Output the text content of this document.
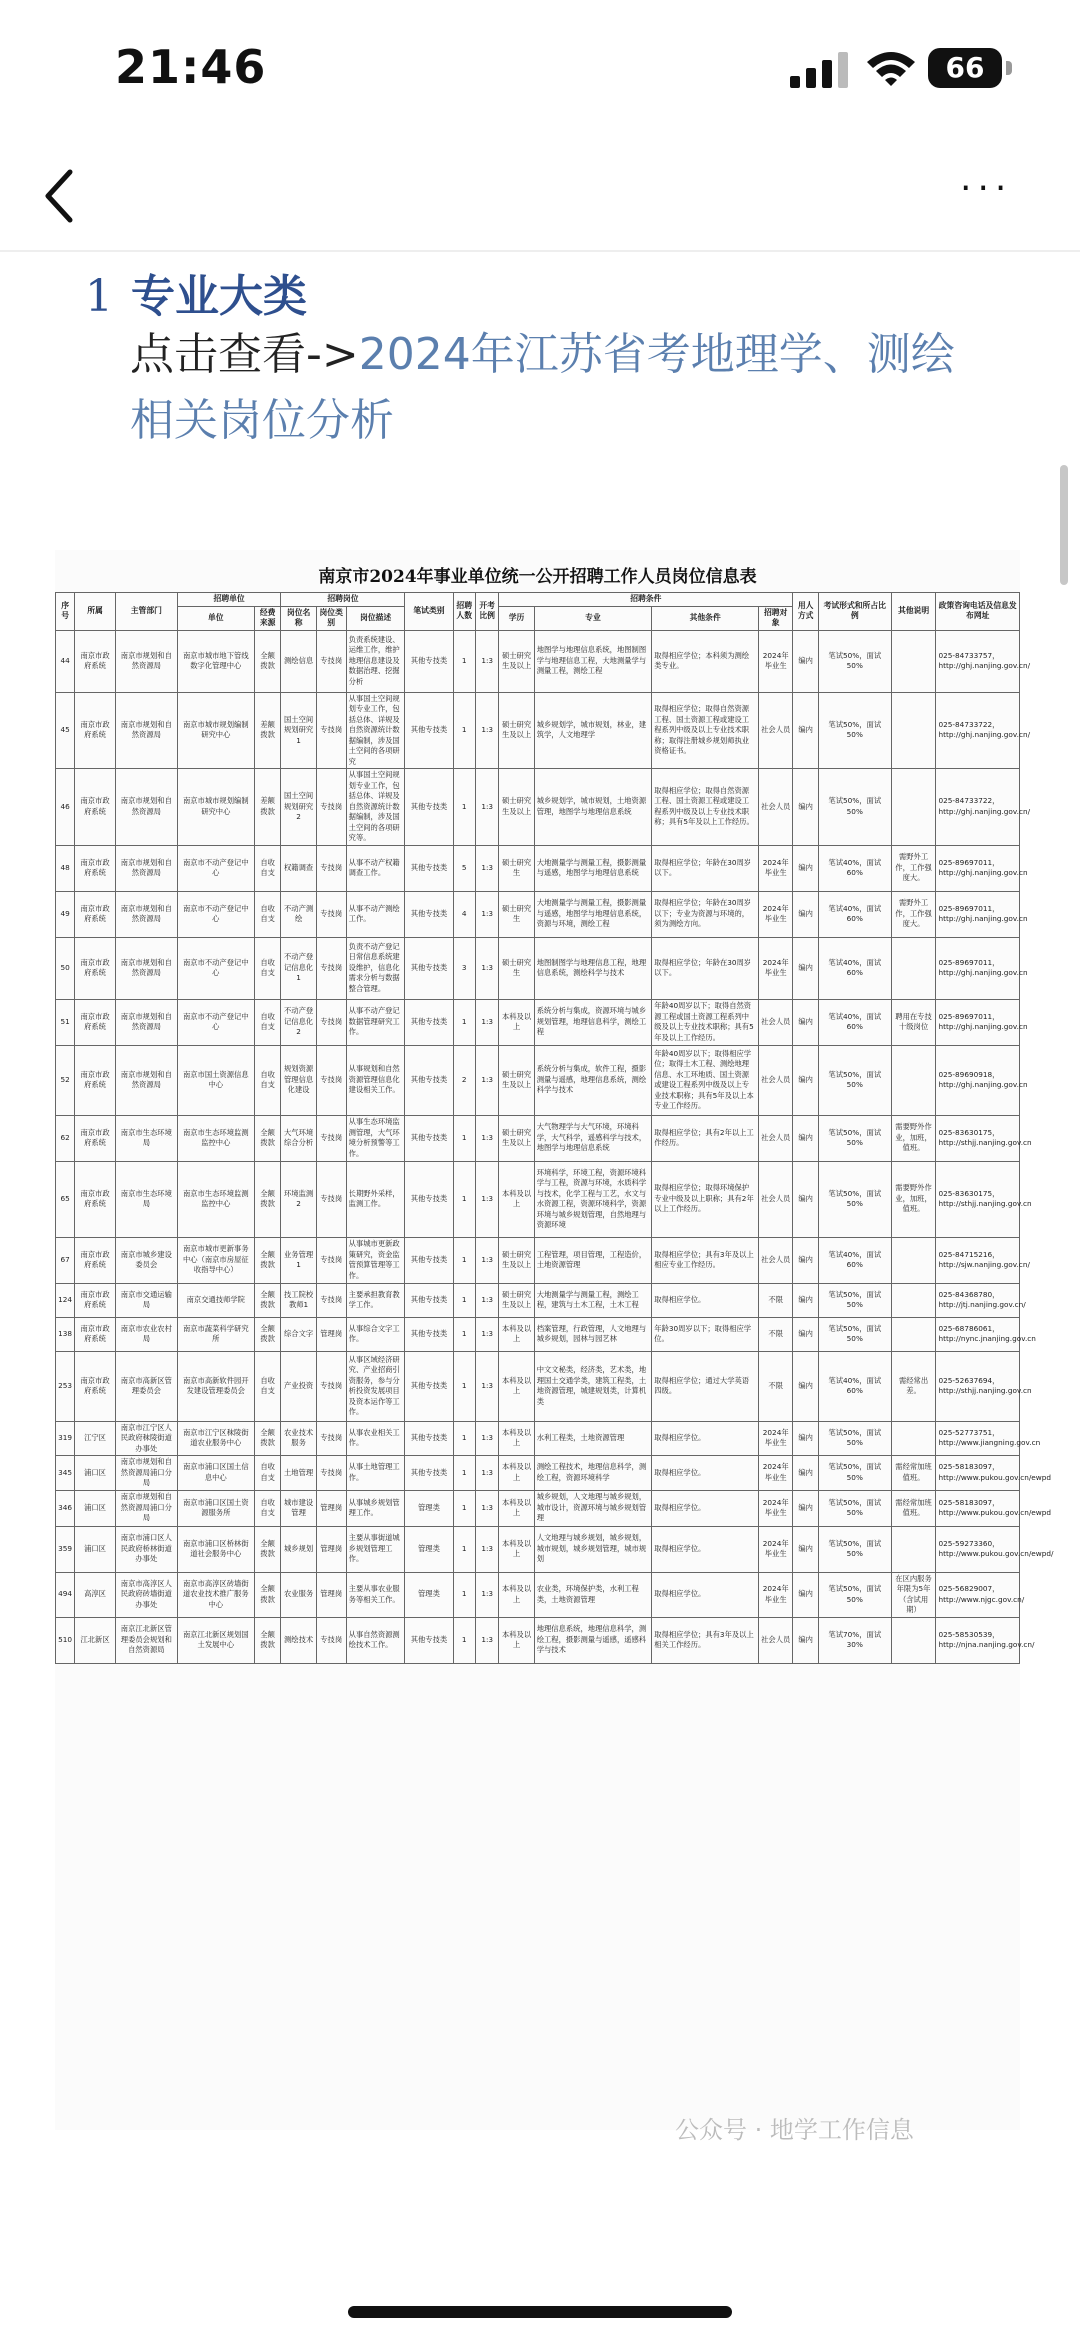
21:46	66
···
1 专业大类
点击查看->2024年江苏省考地理学、测绘相关岗位分析
南京市2024年事业单位统一公开招聘工作人员岗位信息表
序号	所属	主管部门	招聘单位		招聘岗位			笔试类别	招聘人数	开考比例	招聘条件				用人方式	考试形式和所占比例	其他说明	政策咨询电话及信息发布网址
			单位	经费来源	岗位名称	岗位类别	岗位描述				学历	专业	其他条件	招聘对象				
44	南京市政府系统	南京市规划和自然资源局	南京市城市地下管线数字化管理中心	全额拨款	测绘信息	专技岗	负责系统建设、运维工作，维护地理信息建设及数据治理、挖掘分析	其他专技类	1	1:3	硕士研究生及以上	地图学与地理信息系统，地图制图学与地理信息工程，大地测量学与测量工程，测绘工程	取得相应学位；本科须为测绘类专业。	2024年毕业生	编内	笔试50%，面试50%		025-84733757，http://ghj.nanjing.gov.cn/
45	南京市政府系统	南京市规划和自然资源局	南京市城市规划编制研究中心	差额拨款	国土空间规划研究1	专技岗	从事国土空间规划专业工作，包括总体、详规及自然资源统计数据编制，涉及国土空间的各项研究	其他专技类	1	1:3	硕士研究生及以上	城乡规划学，城市规划，林业，建筑学，人文地理学	取得相应学位；取得自然资源工程、国土资源工程或建设工程系列中级及以上专业技术职称；取得注册城乡规划师执业资格证书。	社会人员	编内	笔试50%，面试50%		025-84733722，http://ghj.nanjing.gov.cn/
46	南京市政府系统	南京市规划和自然资源局	南京市城市规划编制研究中心	差额拨款	国土空间规划研究2	专技岗	从事国土空间规划专业工作，包括总体、详规及自然资源统计数据编制，涉及国土空间的各项研究等。	其他专技类	1	1:3	硕士研究生及以上	城乡规划学，城市规划，土地资源管理，地图学与地理信息系统	取得相应学位；取得自然资源工程、国土资源工程或建设工程系列中级及以上专业技术职称；具有5年及以上工作经历。	社会人员	编内	笔试50%，面试50%		025-84733722，http://ghj.nanjing.gov.cn/
48	南京市政府系统	南京市规划和自然资源局	南京市不动产登记中心	自收自支	权籍调查	专技岗	从事不动产权籍调查工作。	其他专技类	5	1:3	硕士研究生	大地测量学与测量工程，摄影测量与遥感，地图学与地理信息系统	取得相应学位；年龄在30周岁以下。	2024年毕业生	编内	笔试40%，面试60%	需野外工作，工作强度大。	025-89697011，http://ghj.nanjing.gov.cn
49	南京市政府系统	南京市规划和自然资源局	南京市不动产登记中心	自收自支	不动产测绘	专技岗	从事不动产测绘工作。	其他专技类	4	1:3	硕士研究生	大地测量学与测量工程，摄影测量与遥感，地图学与地理信息系统，资源与环境，测绘工程	取得相应学位；年龄在30周岁以下；专业为资源与环境的，须为测绘方向。	2024年毕业生	编内	笔试40%，面试60%	需野外工作，工作强度大。	025-89697011，http://ghj.nanjing.gov.cn
50	南京市政府系统	南京市规划和自然资源局	南京市不动产登记中心	自收自支	不动产登记信息化1	专技岗	负责不动产登记日常信息系统建设维护，信息化需求分析与数据整合管理。	其他专技类	3	1:3	硕士研究生	地图制图学与地理信息工程，地理信息系统，测绘科学与技术	取得相应学位；年龄在30周岁以下。	2024年毕业生	编内	笔试40%，面试60%		025-89697011，http://ghj.nanjing.gov.cn
51	南京市政府系统	南京市规划和自然资源局	南京市不动产登记中心	自收自支	不动产登记信息化2	专技岗	从事不动产登记数据管理研究工作。	其他专技类	1	1:3	本科及以上	系统分析与集成，资源环境与城乡规划管理，地理信息科学，测绘工程	年龄40周岁以下；取得自然资源工程或国土资源工程系列中级及以上专业技术职称；具有5年及以上工作经历。	社会人员	编内	笔试40%，面试60%	聘用在专技十级岗位	025-89697011，http://ghj.nanjing.gov.cn
52	南京市政府系统	南京市规划和自然资源局	南京市国土资源信息中心	自收自支	规划资源管理信息化建设	专技岗	从事规划和自然资源管理信息化建设相关工作。	其他专技类	2	1:3	硕士研究生及以上	系统分析与集成，软件工程，摄影测量与遥感，地理信息系统，测绘科学与技术	年龄40周岁以下；取得相应学位；取得土木工程、测绘地理信息、水工环地质、国土资源或建设工程系列中级及以上专业技术职称；具有5年及以上本专业工作经历。	社会人员	编内	笔试50%，面试50%		025-89690918，http://ghj.nanjing.gov.cn
62	南京市政府系统	南京市生态环境局	南京市生态环境监测监控中心	全额拨款	大气环境综合分析	专技岗	从事生态环境监测管理，大气环境分析预警等工作。	其他专技类	1	1:3	硕士研究生及以上	大气物理学与大气环境，环境科学，大气科学，遥感科学与技术，地图学与地理信息系统	取得相应学位；具有2年以上工作经历。	社会人员	编内	笔试50%，面试50%	需要野外作业，加班，值班。	025-83630175，http://sthjj.nanjing.gov.cn
65	南京市政府系统	南京市生态环境局	南京市生态环境监测监控中心	全额拨款	环境监测2	专技岗	长期野外采样，监测工作。	其他专技类	1	1:3	本科及以上	环境科学，环境工程，资源环境科学与工程，资源与环境，水质科学与技术，化学工程与工艺，水文与水资源工程，资源环境科学，资源环境与城乡规划管理，自然地理与资源环境	取得相应学位；取得环境保护专业中级及以上职称；具有2年以上工作经历。	社会人员	编内	笔试50%，面试50%	需要野外作业，加班，值班。	025-83630175，http://sthjj.nanjing.gov.cn
67	南京市政府系统	南京市城乡建设委员会	南京市城市更新事务中心（南京市房屋征收指导中心）	全额拨款	业务管理1	专技岗	从事城市更新政策研究，资金监管预算管理等工作。	其他专技类	1	1:3	硕士研究生及以上	工程管理，项目管理，工程造价，土地资源管理	取得相应学位；具有3年及以上相应专业工作经历。	社会人员	编内	笔试40%，面试60%		025-84715216，http://sjw.nanjing.gov.cn/
124	南京市政府系统	南京市交通运输局	南京交通技师学院	全额拨款	技工院校教师1	专技岗	主要承担教育教学工作。	其他专技类	1	1:3	硕士研究生及以上	大地测量学与测量工程，测绘工程，建筑与土木工程，土木工程	取得相应学位。	不限	编内	笔试50%，面试50%		025-84368780，http://jtj.nanjing.gov.cn/
138	南京市政府系统	南京市农业农村局	南京市蔬菜科学研究所	全额拨款	综合文字	管理岗	从事综合文字工作。	其他专技类	1	1:3	本科及以上	档案管理，行政管理，人文地理与城乡规划，园林与园艺林	年龄30周岁以下；取得相应学位。	不限	编内	笔试50%，面试50%		025-68786061，http://nync.jnanjing.gov.cn
253	南京市政府系统	南京市高新区管理委员会	南京市高新软件园开发建设管理委员会	自收自支	产业投资	专技岗	从事区域经济研究、产业招商引资服务，参与分析投资发展项目及资本运作等工作。	其他专技类	1	1:3	本科及以上	中文文秘类，经济类，艺术类，地理国土交通学类，建筑工程类，土地资源管理，城建规划类，计算机类	取得相应学位；通过大学英语四级。	不限	编内	笔试40%，面试60%	需经常出差。	025-52637694，http://sthjj.nanjing.gov.cn
319	江宁区	南京市江宁区人民政府秣陵街道办事处	南京市江宁区秣陵街道农业服务中心	全额拨款	农业技术服务	专技岗	从事农业相关工作。	其他专技类	1	1:3	本科及以上	水利工程类，土地资源管理	取得相应学位。	2024年毕业生	编内	笔试50%，面试50%		025-52773751，http://www.jiangning.gov.cn
345	浦口区	南京市规划和自然资源局浦口分局	南京市浦口区国土信息中心	自收自支	土地管理	专技岗	从事土地管理工作。	其他专技类	1	1:3	本科及以上	测绘工程技术，地理信息科学，测绘工程，资源环境科学	取得相应学位。	2024年毕业生	编内	笔试50%，面试50%	需经常加班值班。	025-58183097，http://www.pukou.gov.cn/ewpd
346	浦口区	南京市规划和自然资源局浦口分局	南京市浦口区国土资源服务所	自收自支	城市建设管理	管理岗	从事城乡规划管理工作。	管理类	1	1:3	本科及以上	城乡规划，人文地理与城乡规划，城市设计，资源环境与城乡规划管理	取得相应学位。	2024年毕业生	编内	笔试50%，面试50%	需经常加班值班。	025-58183097，http://www.pukou.gov.cn/ewpd
359	浦口区	南京市浦口区人民政府桥林街道办事处	南京市浦口区桥林街道社会服务中心	全额拨款	城乡规划	管理岗	主要从事街道城乡规划管理工作。	管理类	1	1:3	本科及以上	人文地理与城乡规划，城乡规划，城市规划，城乡规划管理，城市规划	取得相应学位。	2024年毕业生	编内	笔试50%，面试50%		025-59273360，http://www.pukou.gov.cn/ewpd/
494	高淳区	南京市高淳区人民政府砖墙街道办事处	南京市高淳区砖墙街道农业技术推广服务中心	全额拨款	农业服务	管理岗	主要从事农业服务等相关工作。	管理类	1	1:3	本科及以上	农业类，环境保护类，水利工程类，土地资源管理	取得相应学位。	2024年毕业生	编内	笔试50%，面试50%	在区内服务年限为5年（含试用期）	025-56829007，http://www.njgc.gov.cn/
510	江北新区	南京江北新区管理委员会规划和自然资源局	南京江北新区规划国土发展中心	全额拨款	测绘技术	专技岗	从事自然资源测绘技术工作。	其他专技类	1	1:3	本科及以上	地理信息系统，地理信息科学，测绘工程，摄影测量与遥感，遥感科学与技术	取得相应学位；具有3年及以上相关工作经历。	社会人员	编内	笔试70%，面试30%		025-58530539，http://njna.nanjing.gov.cn/
公众号 · 地学工作信息
